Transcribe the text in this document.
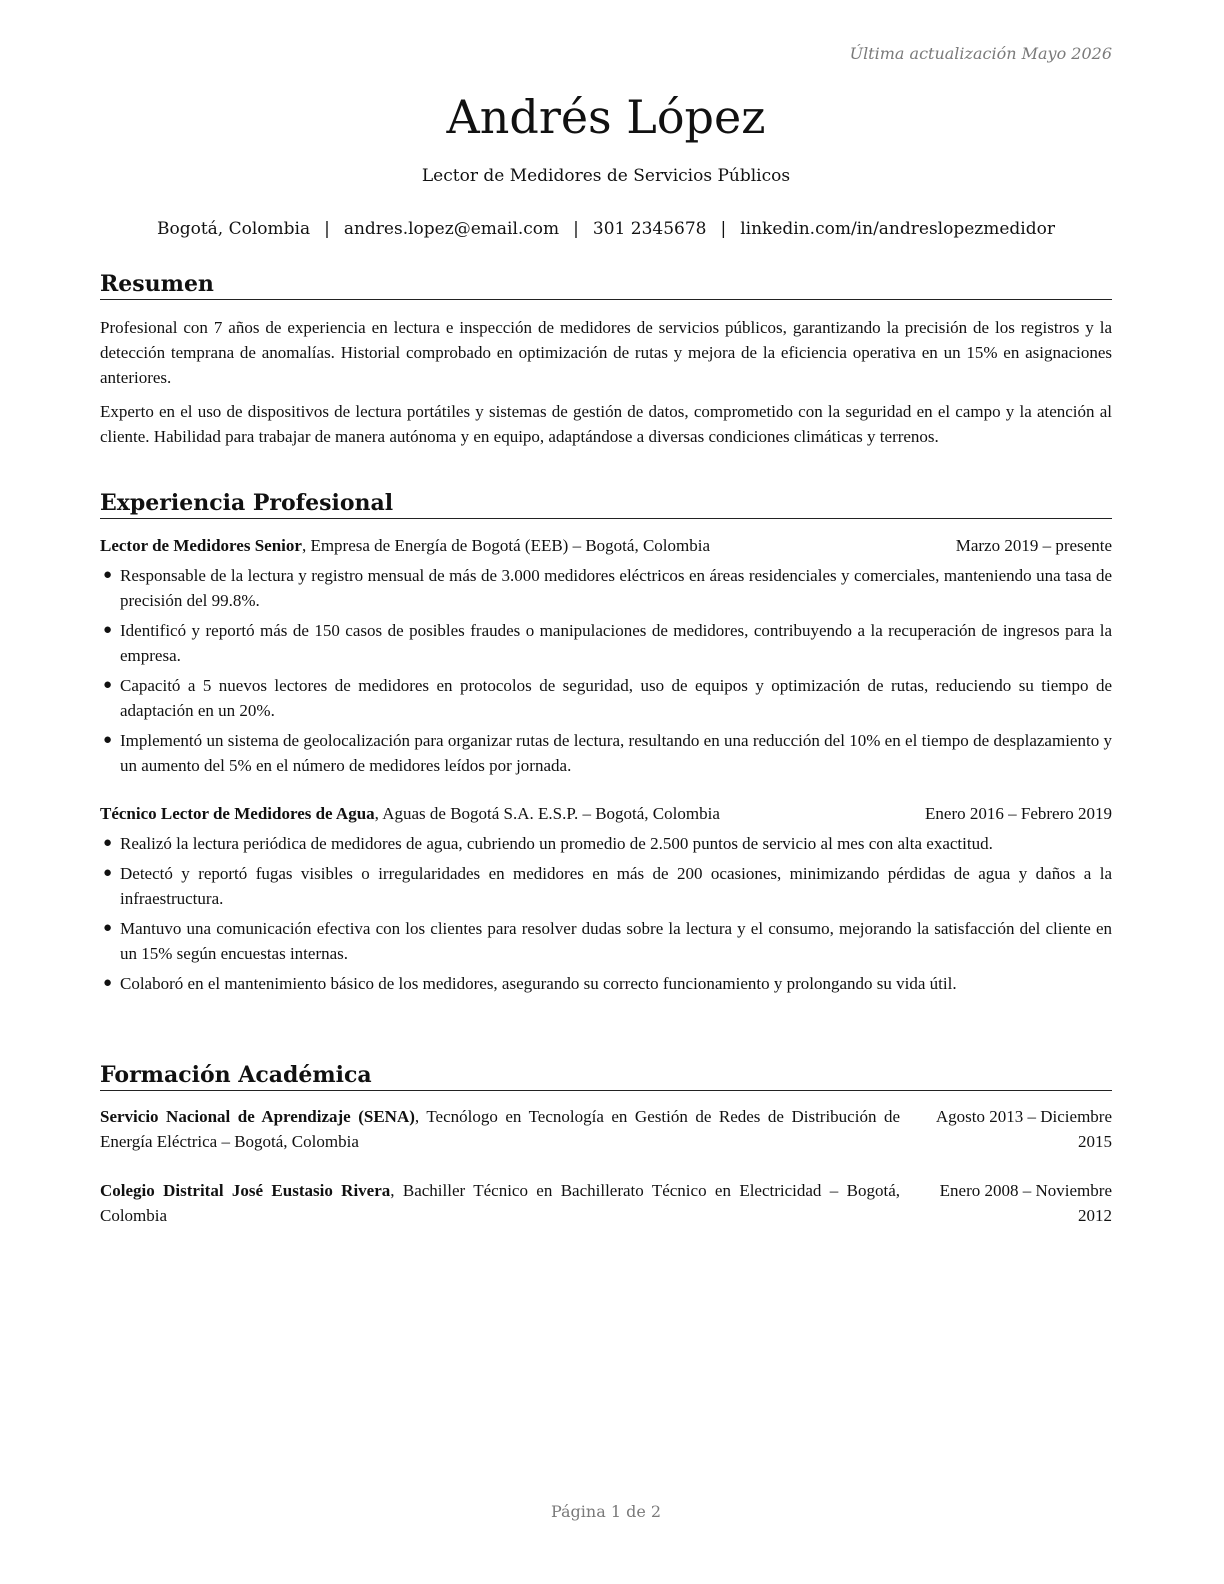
Última actualización Mayo 2026
Andrés López
Lector de Medidores de Servicios Públicos
Bogotá, Colombia | andres.lopez@email.com | 301 2345678 | linkedin.com/in/andreslopezmedidor
Resumen

Profesional con 7 años de experiencia en lectura e inspección de medidores de servicios públicos, garantizando la precisión de los registros y la detección temprana de anomalías. Historial comprobado en optimización de rutas y mejora de la eficiencia operativa en un 15% en asignaciones anteriores.

Experto en el uso de dispositivos de lectura portátiles y sistemas de gestión de datos, comprometido con la seguridad en el campo y la atención al cliente. Habilidad para trabajar de manera autónoma y en equipo, adaptándose a diversas condiciones climáticas y terrenos.

Experiencia Profesional
Lector de Medidores Senior, Empresa de Energía de Bogotá (EEB) – Bogotá, Colombia	Marzo 2019 – presente
● Responsable de la lectura y registro mensual de más de 3.000 medidores eléctricos en áreas residenciales y comerciales, manteniendo una tasa de precisión del 99.8%.
● Identificó y reportó más de 150 casos de posibles fraudes o manipulaciones de medidores, contribuyendo a la recuperación de ingresos para la empresa.
● Capacitó a 5 nuevos lectores de medidores en protocolos de seguridad, uso de equipos y optimización de rutas, reduciendo su tiempo de adaptación en un 20%.
● Implementó un sistema de geolocalización para organizar rutas de lectura, resultando en una reducción del 10% en el tiempo de desplazamiento y un aumento del 5% en el número de medidores leídos por jornada.
Técnico Lector de Medidores de Agua, Aguas de Bogotá S.A. E.S.P. – Bogotá, Colombia	Enero 2016 – Febrero 2019
● Realizó la lectura periódica de medidores de agua, cubriendo un promedio de 2.500 puntos de servicio al mes con alta exactitud.
● Detectó y reportó fugas visibles o irregularidades en medidores en más de 200 ocasiones, minimizando pérdidas de agua y daños a la infraestructura.
● Mantuvo una comunicación efectiva con los clientes para resolver dudas sobre la lectura y el consumo, mejorando la satisfacción del cliente en un 15% según encuestas internas.
● Colaboró en el mantenimiento básico de los medidores, asegurando su correcto funcionamiento y prolongando su vida útil.
Formación Académica
Servicio Nacional de Aprendizaje (SENA), Tecnólogo en Tecnología en Gestión de Redes de Distribución de Energía Eléctrica – Bogotá, Colombia
Agosto 2013 – Diciembre 2015
Colegio Distrital José Eustasio Rivera, Bachiller Técnico en Bachillerato Técnico en Electricidad – Bogotá, Colombia
Enero 2008 – Noviembre 2012
Página 1 de 2
